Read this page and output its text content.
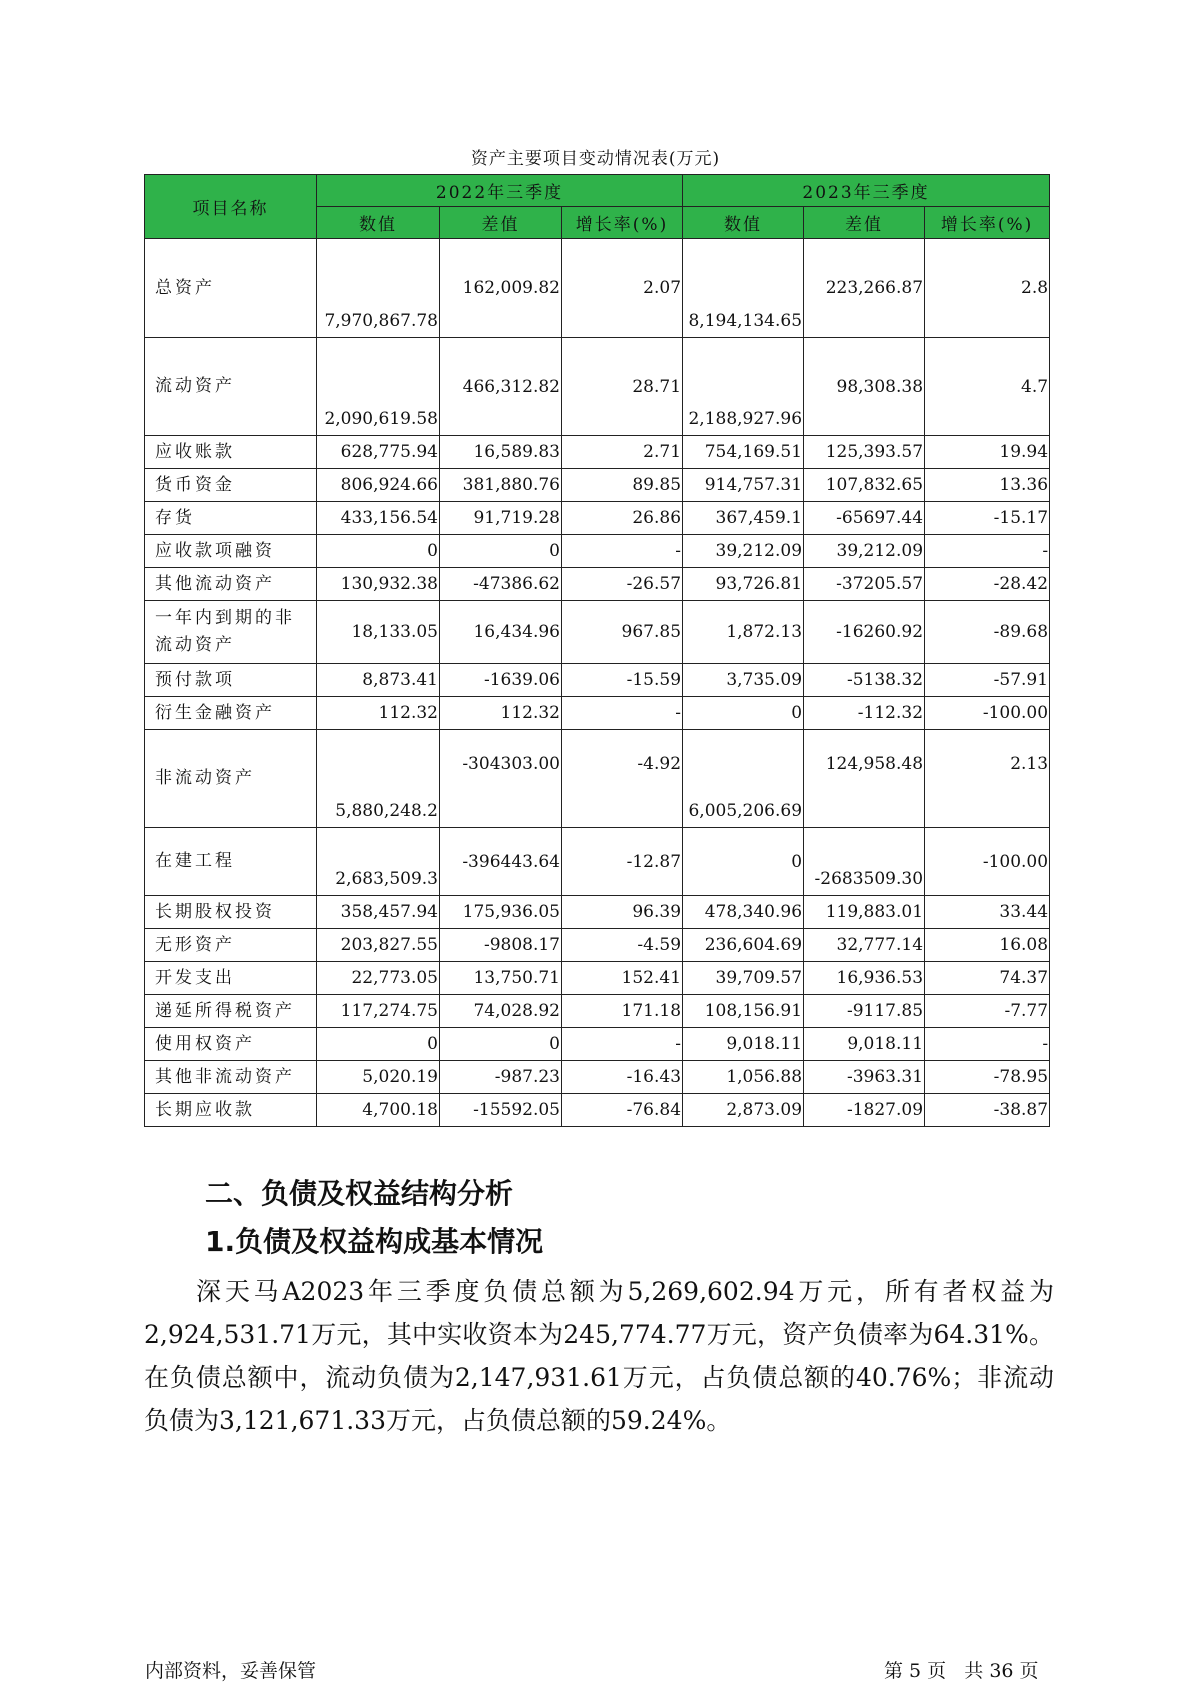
资产主要项目变动情况表(万元)
项目名称	2022年三季度			2023年三季度		
	数值	差值	增长率(%)	数值	差值	增长率(%)
总资产	7,970,867.78	162,009.82	2.07	8,194,134.65	223,266.87	2.8
流动资产	2,090,619.58	466,312.82	28.71	2,188,927.96	98,308.38	4.7
应收账款	628,775.94	16,589.83	2.71	754,169.51	125,393.57	19.94
货币资金	806,924.66	381,880.76	89.85	914,757.31	107,832.65	13.36
存货	433,156.54	91,719.28	26.86	367,459.1	-65697.44	-15.17
应收款项融资	0	0	-	39,212.09	39,212.09	-
其他流动资产	130,932.38	-47386.62	-26.57	93,726.81	-37205.57	-28.42
一年内到期的非流动资产	18,133.05	16,434.96	967.85	1,872.13	-16260.92	-89.68
预付款项	8,873.41	-1639.06	-15.59	3,735.09	-5138.32	-57.91
衍生金融资产	112.32	112.32	-	0	-112.32	-100.00
非流动资产	5,880,248.2	-304303.00	-4.92	6,005,206.69	124,958.48	2.13
在建工程	2,683,509.3	-396443.64	-12.87	0	-2683509.30	-100.00
长期股权投资	358,457.94	175,936.05	96.39	478,340.96	119,883.01	33.44
无形资产	203,827.55	-9808.17	-4.59	236,604.69	32,777.14	16.08
开发支出	22,773.05	13,750.71	152.41	39,709.57	16,936.53	74.37
递延所得税资产	117,274.75	74,028.92	171.18	108,156.91	-9117.85	-7.77
使用权资产	0	0	-	9,018.11	9,018.11	-
其他非流动资产	5,020.19	-987.23	-16.43	1,056.88	-3963.31	-78.95
长期应收款	4,700.18	-15592.05	-76.84	2,873.09	-1827.09	-38.87
二、负债及权益结构分析
1.负债及权益构成基本情况

深天马A2023年三季度负债总额为5,269,602.94万元，所有者权益为2,924,531.71万元，其中实收资本为245,774.77万元，资产负债率为64.31%。在负债总额中，流动负债为2,147,931.61万元，占负债总额的40.76%；非流动负债为3,121,671.33万元，占负债总额的59.24%。

内部资料，妥善保管	第 5 页   共 36 页
